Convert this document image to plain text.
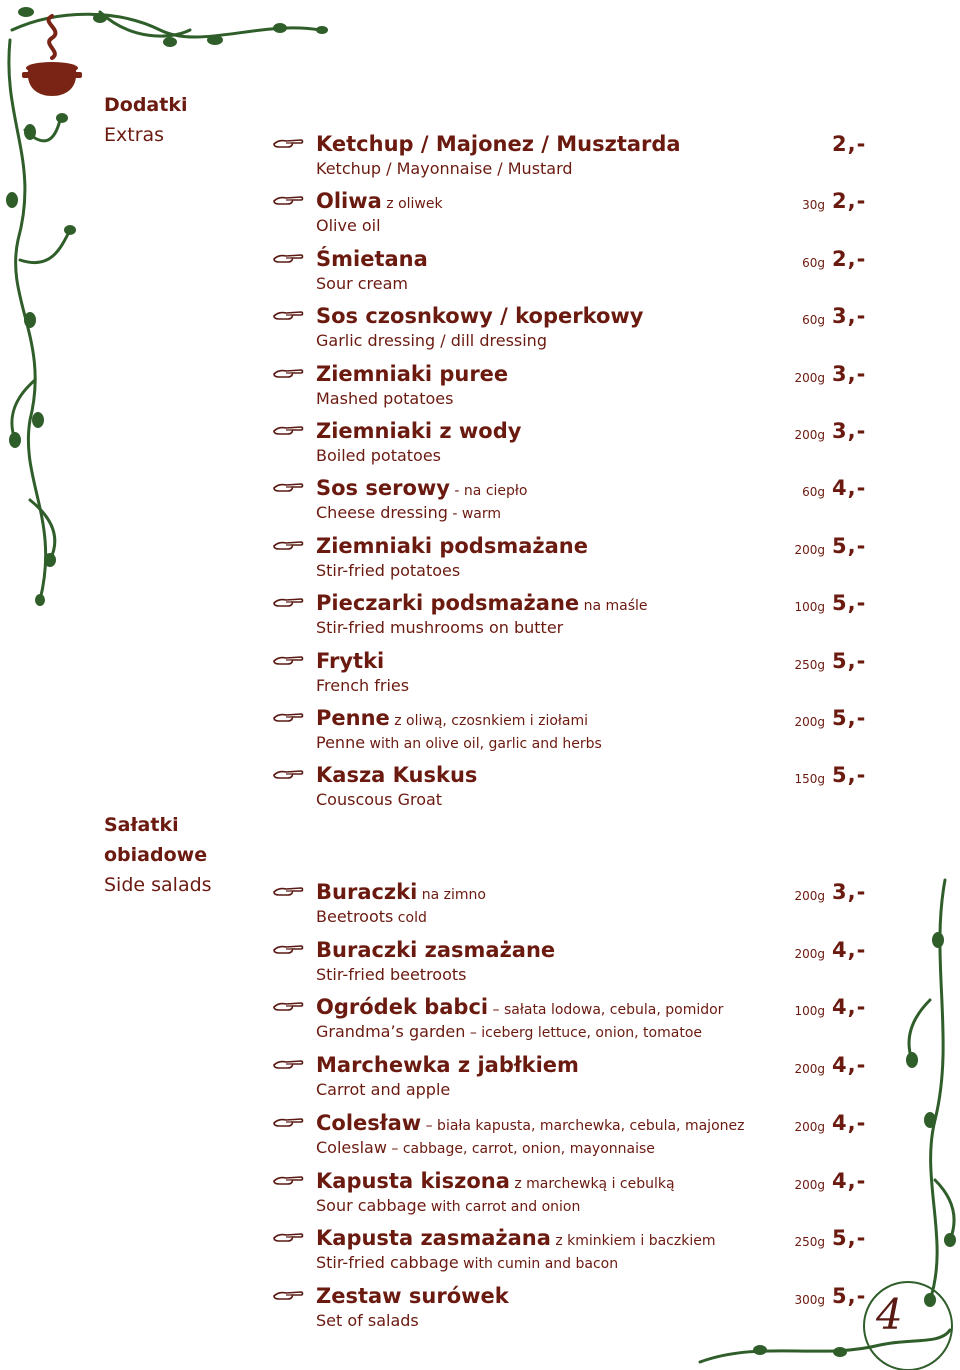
Dodatki
Extras
Sałatki
obiadowe
Side salads
Ketchup / Majonez / Musztarda
Ketchup / Mayonnaise / Mustard
2,-
Oliwa z oliwek
Olive oil
30g 2,-
Śmietana
Sour cream
60g 2,-
Sos czosnkowy / koperkowy
Garlic dressing / dill dressing
60g 3,-
Ziemniaki puree
Mashed potatoes
200g 3,-
Ziemniaki z wody
Boiled potatoes
200g 3,-
Sos serowy - na ciepło
Cheese dressing - warm
60g 4,-
Ziemniaki podsmażane
Stir-fried potatoes
200g 5,-
Pieczarki podsmażane na maśle
Stir-fried mushrooms on butter
100g 5,-
Frytki
French fries
250g 5,-
Penne z oliwą, czosnkiem i ziołami
Penne with an olive oil, garlic and herbs
200g 5,-
Kasza Kuskus
Couscous Groat
150g 5,-
Buraczki na zimno
Beetroots cold
200g 3,-
Buraczki zasmażane
Stir-fried beetroots
200g 4,-
Ogródek babci – sałata lodowa, cebula, pomidor
Grandma’s garden – iceberg lettuce, onion, tomatoe
100g 4,-
Marchewka z jabłkiem
Carrot and apple
200g 4,-
Colesław – biała kapusta, marchewka, cebula, majonez
Coleslaw – cabbage, carrot, onion, mayonnaise
200g 4,-
Kapusta kiszona z marchewką i cebulką
Sour cabbage with carrot and onion
200g 4,-
Kapusta zasmażana z kminkiem i baczkiem
Stir-fried cabbage with cumin and bacon
250g 5,-
Zestaw surówek
Set of salads
300g 5,- 4
